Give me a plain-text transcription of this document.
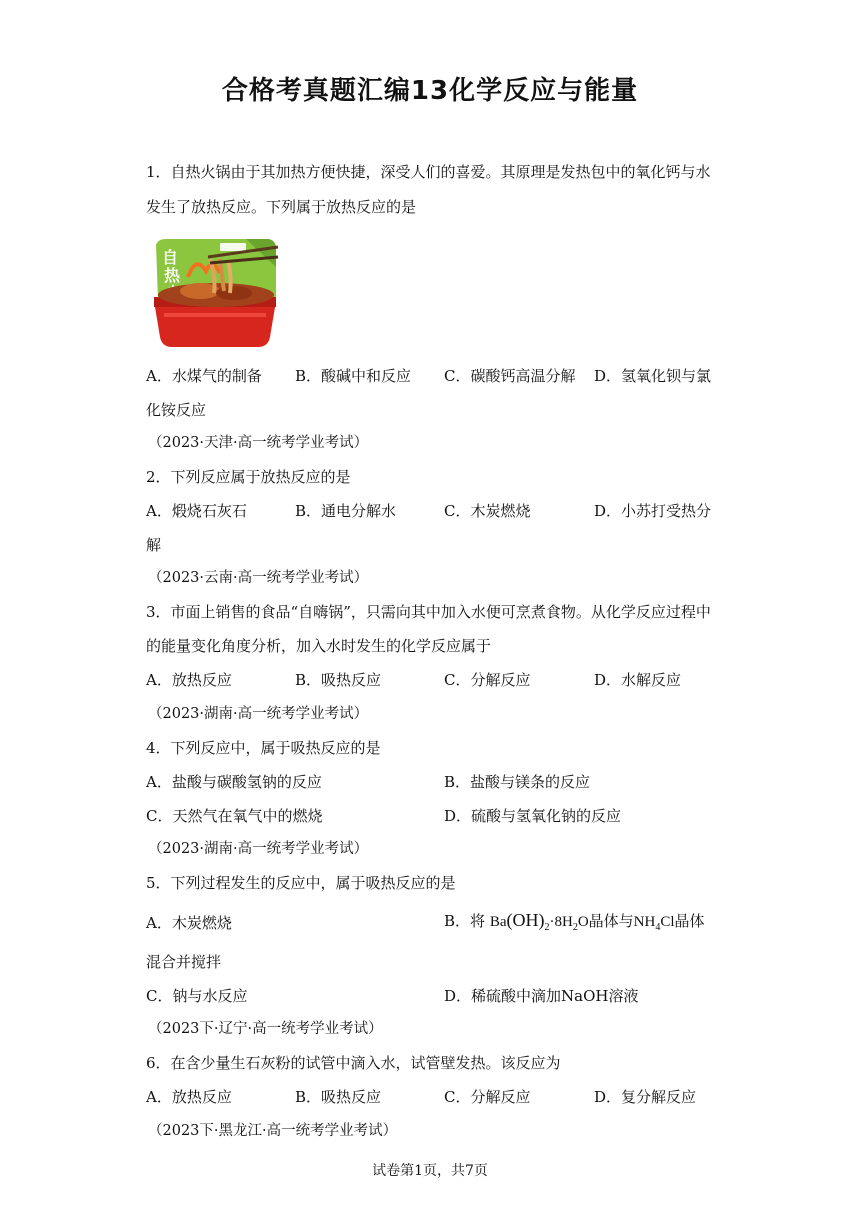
合格考真题汇编13化学反应与能量
1．自热火锅由于其加热方便快捷，深受人们的喜爱。其原理是发热包中的氧化钙与水
发生了放热反应。下列属于放热反应的是
自
热
A．水煤气的制备 B．酸碱中和反应 C．碳酸钙高温分解 D．氢氧化钡与氯
化铵反应
（2023·天津·高一统考学业考试）
2．下列反应属于放热反应的是
A．煅烧石灰石	B．通电分解水	C．木炭燃烧	D．小苏打受热分
解
（2023·云南·高一统考学业考试）
3．市面上销售的食品“自嗨锅”，只需向其中加入水便可烹煮食物。从化学反应过程中
的能量变化角度分析，加入水时发生的化学反应属于
A．放热反应	B．吸热反应	C．分解反应	D．水解反应
（2023·湖南·高一统考学业考试）
4．下列反应中，属于吸热反应的是
A．盐酸与碳酸氢钠的反应	B．盐酸与镁条的反应
C．天然气在氧气中的燃烧	D．硫酸与氢氧化钠的反应
（2023·湖南·高一统考学业考试）
5．下列过程发生的反应中，属于吸热反应的是
A．木炭燃烧	B．将 $Ba(OH)_2\cdot 8H_2O$晶体与$NH_4Cl$晶体
混合并搅拌
C．钠与水反应	D．稀硫酸中滴加NaOH溶液
（2023下·辽宁·高一统考学业考试）
6．在含少量生石灰粉的试管中滴入水，试管壁发热。该反应为
A．放热反应	B．吸热反应	C．分解反应	D．复分解反应
（2023下·黑龙江·高一统考学业考试）
试卷第1页，共7页
